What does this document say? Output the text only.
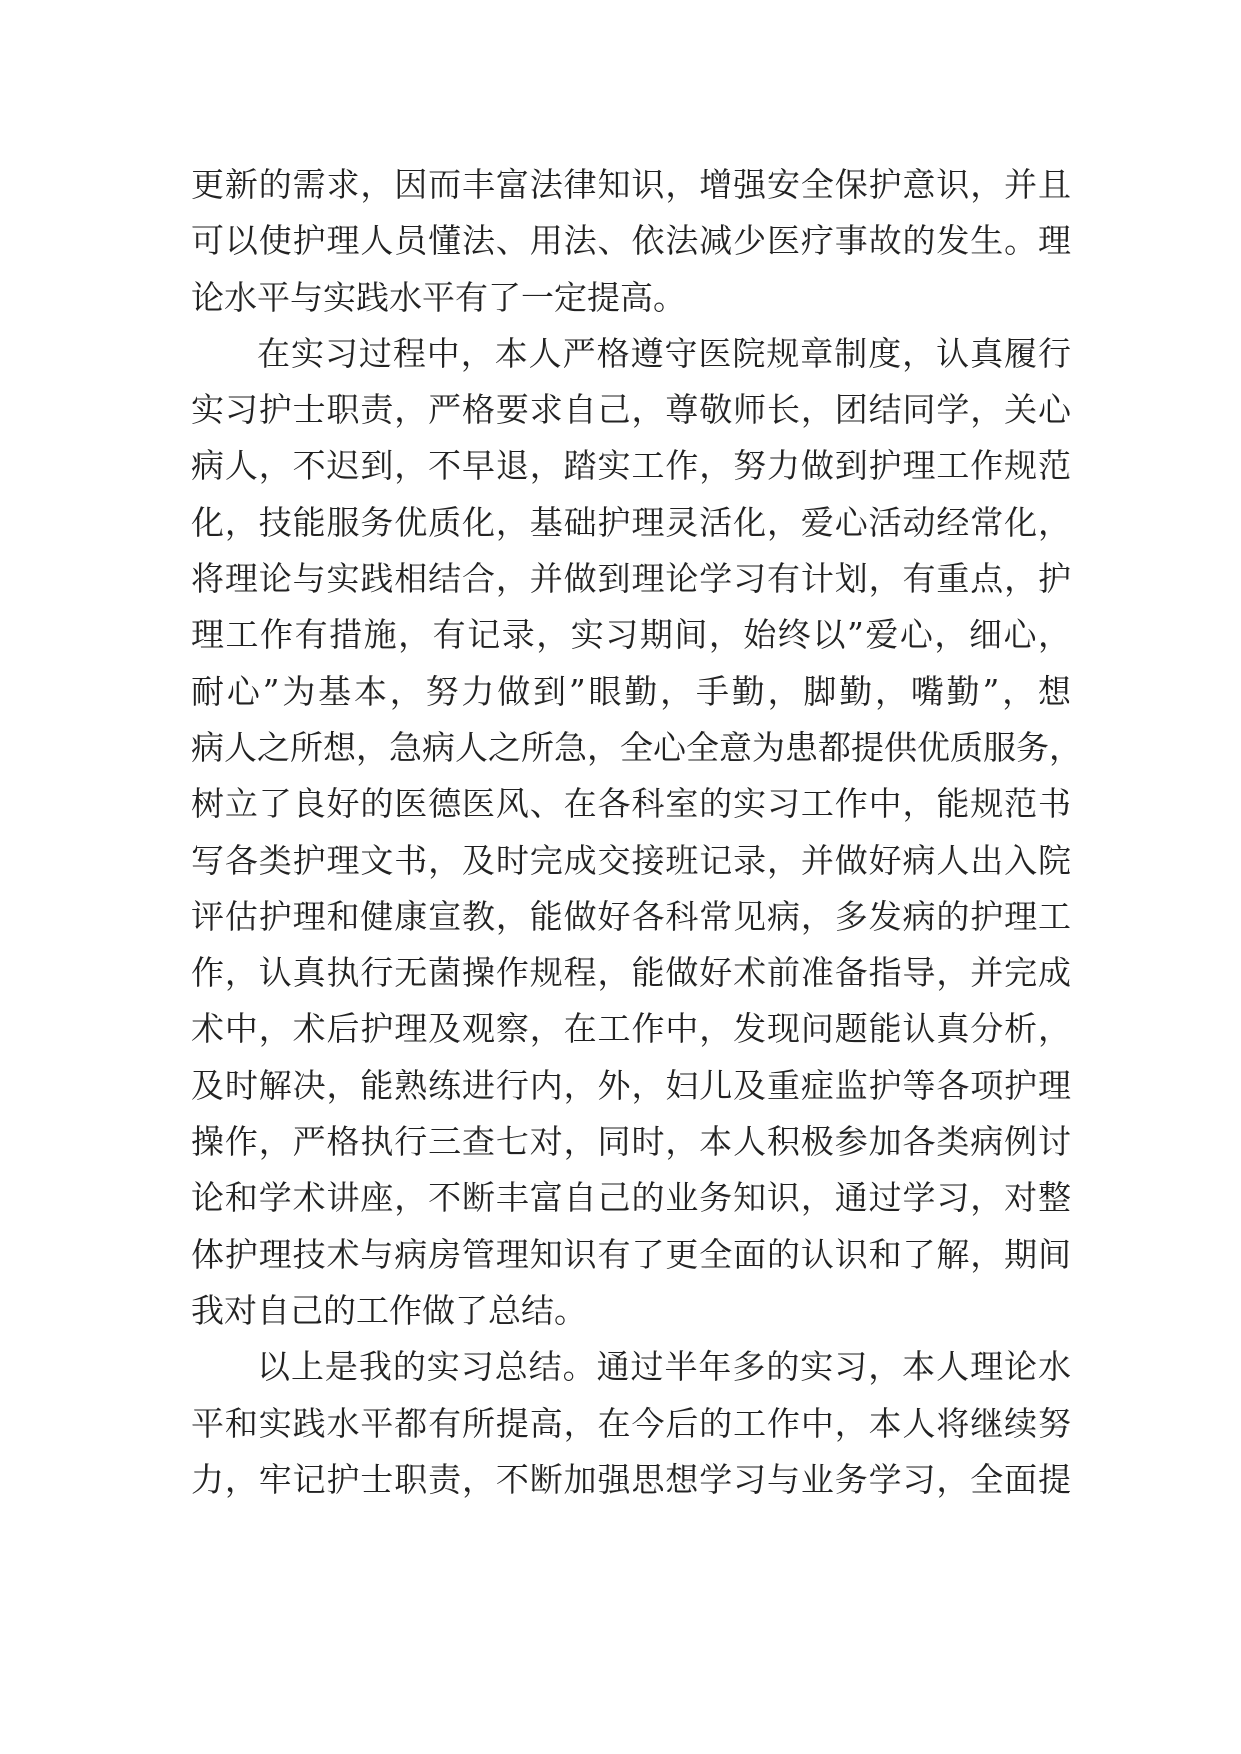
更新的需求，因而丰富法律知识，增强安全保护意识，并且
可以使护理人员懂法、用法、依法减少医疗事故的发生。理
论水平与实践水平有了一定提高。
在实习过程中，本人严格遵守医院规章制度，认真履行
实习护士职责，严格要求自己，尊敬师长，团结同学，关心
病人，不迟到，不早退，踏实工作，努力做到护理工作规范
化，技能服务优质化，基础护理灵活化，爱心活动经常化，
将理论与实践相结合，并做到理论学习有计划，有重点，护
理工作有措施，有记录，实习期间，始终以”爱心，细心，
耐心”为基本，努力做到”眼勤，手勤，脚勤，嘴勤”，想
病人之所想，急病人之所急，全心全意为患都提供优质服务，
树立了良好的医德医风、在各科室的实习工作中，能规范书
写各类护理文书，及时完成交接班记录，并做好病人出入院
评估护理和健康宣教，能做好各科常见病，多发病的护理工
作，认真执行无菌操作规程，能做好术前准备指导，并完成
术中，术后护理及观察，在工作中，发现问题能认真分析，
及时解决，能熟练进行内，外，妇儿及重症监护等各项护理
操作，严格执行三查七对，同时，本人积极参加各类病例讨
论和学术讲座，不断丰富自己的业务知识，通过学习，对整
体护理技术与病房管理知识有了更全面的认识和了解，期间
我对自己的工作做了总结。
以上是我的实习总结。通过半年多的实习，本人理论水
平和实践水平都有所提高，在今后的工作中，本人将继续努
力，牢记护士职责，不断加强思想学习与业务学习，全面提
